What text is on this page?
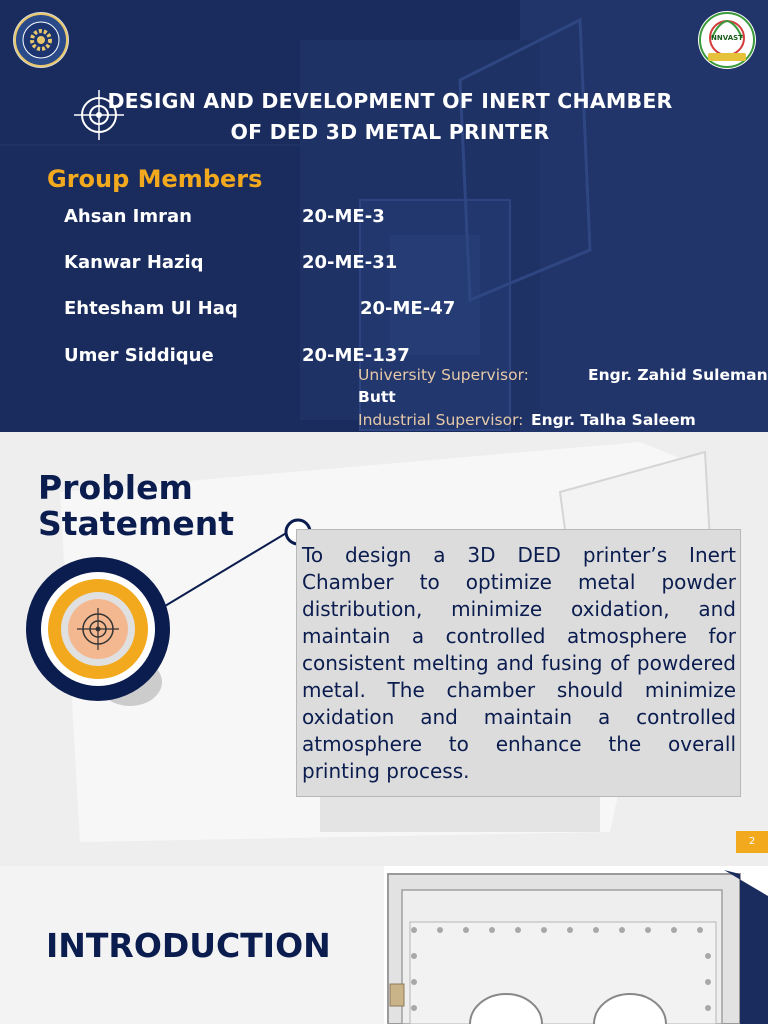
NNVAST
DESIGN AND DEVELOPMENT OF INERT CHAMBER
OF DED 3D METAL PRINTER
Group Members
Ahsan Imran	20-ME-3
Kanwar Haziq	20-ME-31
Ehtesham Ul Haq	20-ME-47
Umer Siddique	20-ME-137
University Supervisor:	Engr. Zahid Suleman
Butt
Industrial Supervisor: Engr. Talha Saleem
Problem
Statement
To design a 3D DED printer’s Inert Chamber to optimize metal powder distribution, minimize oxidation, and maintain a controlled atmosphere for consistent melting and fusing of powdered metal. The chamber should minimize oxidation and maintain a controlled atmosphere to enhance the overall printing process.
2
INTRODUCTION
